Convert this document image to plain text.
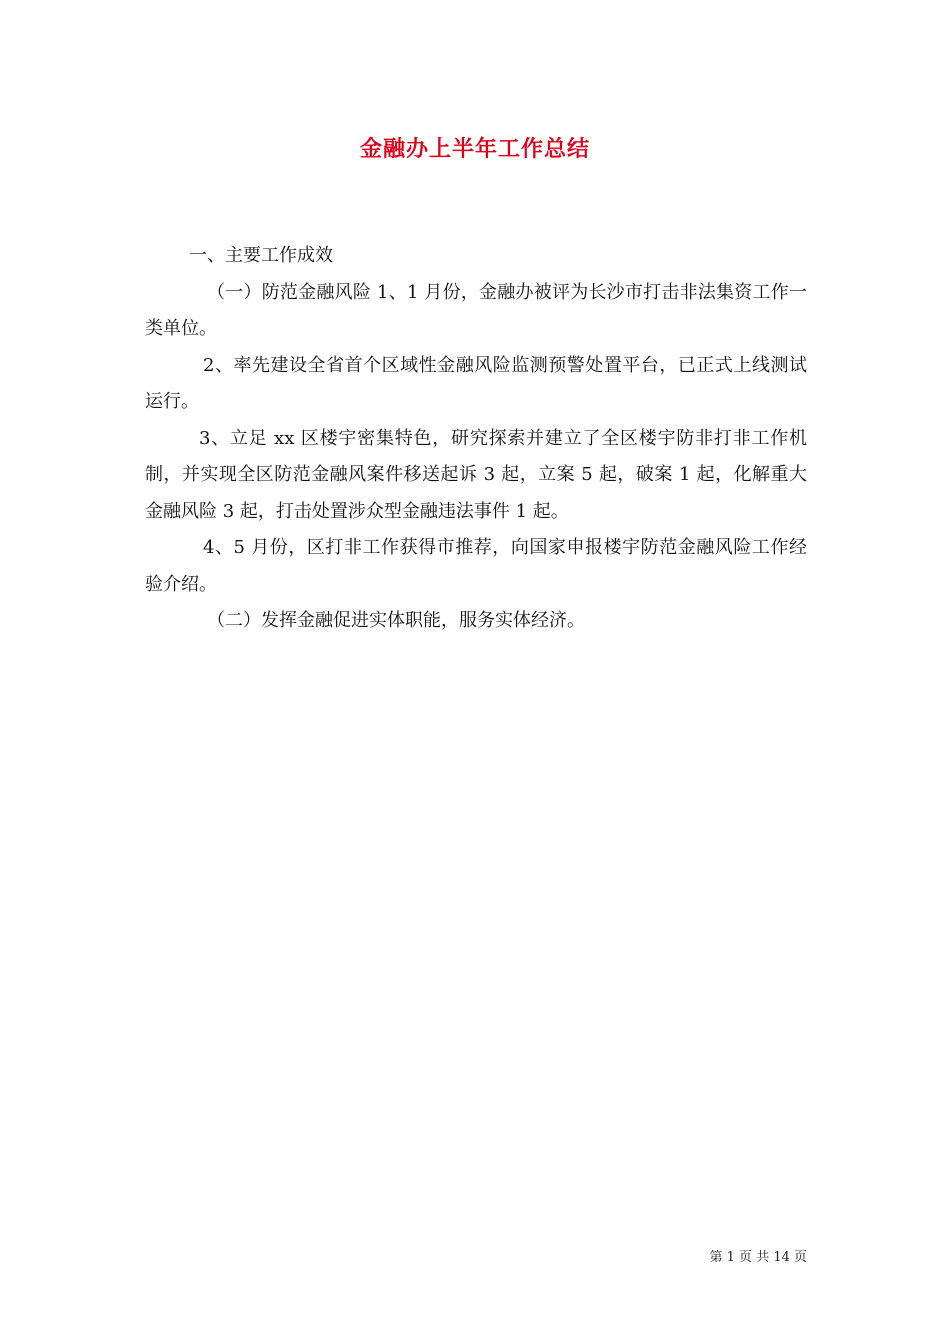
金融办上半年工作总结

一、主要工作成效

（一）防范金融风险 1、1 月份，金融办被评为长沙市打击非法集资工作一类单位。

2、率先建设全省首个区域性金融风险监测预警处置平台，已正式上线测试运行。

3、立足 xx 区楼宇密集特色，研究探索并建立了全区楼宇防非打非工作机制，并实现全区防范金融风案件移送起诉 3 起，立案 5 起，破案 1 起，化解重大金融风险 3 起，打击处置涉众型金融违法事件 1 起。

4、5 月份，区打非工作获得市推荐，向国家申报楼宇防范金融风险工作经验介绍。

（二）发挥金融促进实体职能，服务实体经济。

第 1 页 共 14 页
